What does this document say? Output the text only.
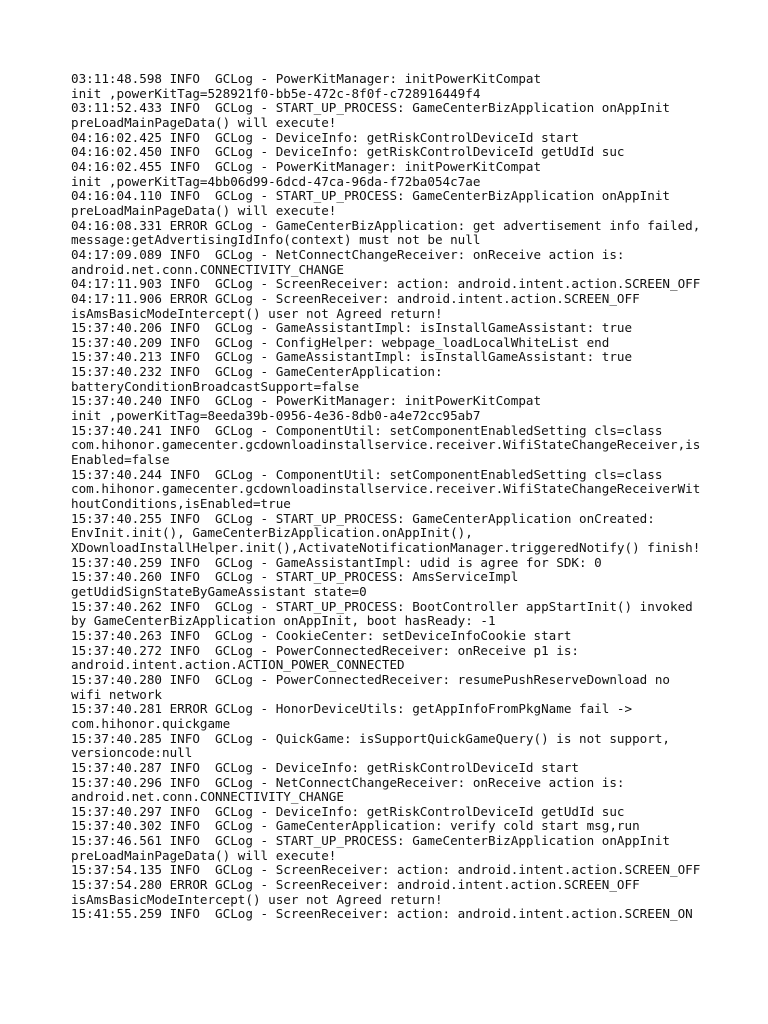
03:11:48.598 INFO  GCLog - PowerKitManager: initPowerKitCompat
init ,powerKitTag=528921f0-bb5e-472c-8f0f-c728916449f4
03:11:52.433 INFO  GCLog - START_UP_PROCESS: GameCenterBizApplication onAppInit
preLoadMainPageData() will execute!
04:16:02.425 INFO  GCLog - DeviceInfo: getRiskControlDeviceId start
04:16:02.450 INFO  GCLog - DeviceInfo: getRiskControlDeviceId getUdId suc
04:16:02.455 INFO  GCLog - PowerKitManager: initPowerKitCompat
init ,powerKitTag=4bb06d99-6dcd-47ca-96da-f72ba054c7ae
04:16:04.110 INFO  GCLog - START_UP_PROCESS: GameCenterBizApplication onAppInit
preLoadMainPageData() will execute!
04:16:08.331 ERROR GCLog - GameCenterBizApplication: get advertisement info failed,
message:getAdvertisingIdInfo(context) must not be null
04:17:09.089 INFO  GCLog - NetConnectChangeReceiver: onReceive action is:
android.net.conn.CONNECTIVITY_CHANGE
04:17:11.903 INFO  GCLog - ScreenReceiver: action: android.intent.action.SCREEN_OFF
04:17:11.906 ERROR GCLog - ScreenReceiver: android.intent.action.SCREEN_OFF
isAmsBasicModeIntercept() user not Agreed return!
15:37:40.206 INFO  GCLog - GameAssistantImpl: isInstallGameAssistant: true
15:37:40.209 INFO  GCLog - ConfigHelper: webpage_loadLocalWhiteList end
15:37:40.213 INFO  GCLog - GameAssistantImpl: isInstallGameAssistant: true
15:37:40.232 INFO  GCLog - GameCenterApplication:
batteryConditionBroadcastSupport=false
15:37:40.240 INFO  GCLog - PowerKitManager: initPowerKitCompat
init ,powerKitTag=8eeda39b-0956-4e36-8db0-a4e72cc95ab7
15:37:40.241 INFO  GCLog - ComponentUtil: setComponentEnabledSetting cls=class
com.hihonor.gamecenter.gcdownloadinstallservice.receiver.WifiStateChangeReceiver,is
Enabled=false
15:37:40.244 INFO  GCLog - ComponentUtil: setComponentEnabledSetting cls=class
com.hihonor.gamecenter.gcdownloadinstallservice.receiver.WifiStateChangeReceiverWit
houtConditions,isEnabled=true
15:37:40.255 INFO  GCLog - START_UP_PROCESS: GameCenterApplication onCreated:
EnvInit.init(), GameCenterBizApplication.onAppInit(),
XDownloadInstallHelper.init(),ActivateNotificationManager.triggeredNotify() finish!
15:37:40.259 INFO  GCLog - GameAssistantImpl: udid is agree for SDK: 0
15:37:40.260 INFO  GCLog - START_UP_PROCESS: AmsServiceImpl
getUdidSignStateByGameAssistant state=0
15:37:40.262 INFO  GCLog - START_UP_PROCESS: BootController appStartInit() invoked
by GameCenterBizApplication onAppInit, boot hasReady: -1
15:37:40.263 INFO  GCLog - CookieCenter: setDeviceInfoCookie start
15:37:40.272 INFO  GCLog - PowerConnectedReceiver: onReceive p1 is:
android.intent.action.ACTION_POWER_CONNECTED
15:37:40.280 INFO  GCLog - PowerConnectedReceiver: resumePushReserveDownload no
wifi network
15:37:40.281 ERROR GCLog - HonorDeviceUtils: getAppInfoFromPkgName fail ->
com.hihonor.quickgame
15:37:40.285 INFO  GCLog - QuickGame: isSupportQuickGameQuery() is not support,
versioncode:null
15:37:40.287 INFO  GCLog - DeviceInfo: getRiskControlDeviceId start
15:37:40.296 INFO  GCLog - NetConnectChangeReceiver: onReceive action is:
android.net.conn.CONNECTIVITY_CHANGE
15:37:40.297 INFO  GCLog - DeviceInfo: getRiskControlDeviceId getUdId suc
15:37:40.302 INFO  GCLog - GameCenterApplication: verify cold start msg,run
15:37:46.561 INFO  GCLog - START_UP_PROCESS: GameCenterBizApplication onAppInit
preLoadMainPageData() will execute!
15:37:54.135 INFO  GCLog - ScreenReceiver: action: android.intent.action.SCREEN_OFF
15:37:54.280 ERROR GCLog - ScreenReceiver: android.intent.action.SCREEN_OFF
isAmsBasicModeIntercept() user not Agreed return!
15:41:55.259 INFO  GCLog - ScreenReceiver: action: android.intent.action.SCREEN_ON
